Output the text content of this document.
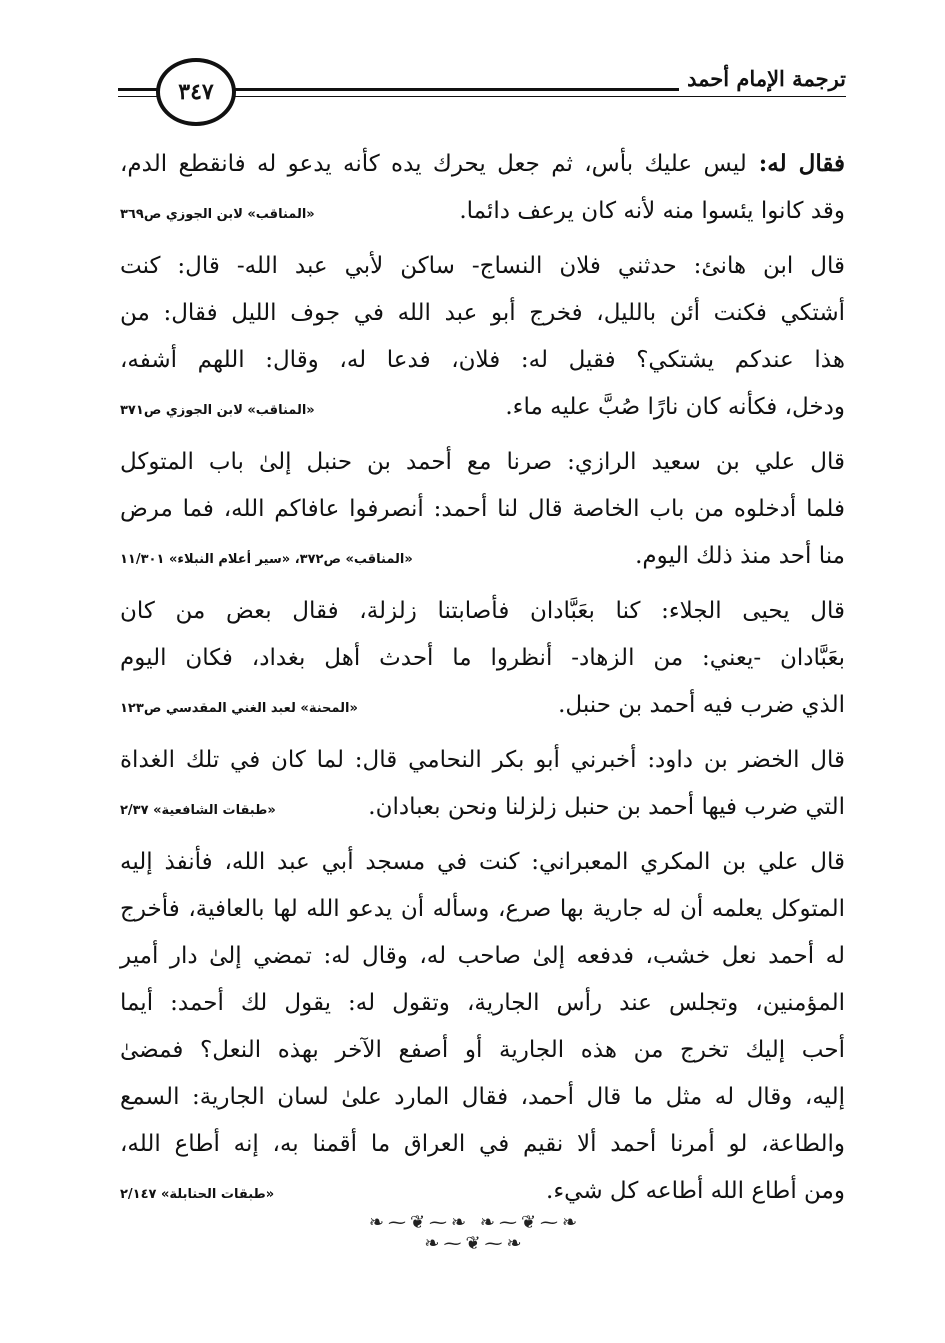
ترجمة الإمام أحمد
٣٤٧
فقال له: ليس عليك بأس، ثم جعل يحرك يده كأنه يدعو له فانقطع الدم،
وقد كانوا يئسوا منه لأنه كان يرعف دائما.
«المناقب» لابن الجوزي ص٣٦٩
قال ابن هانئ: حدثني فلان النساج- ساكن لأبي عبد الله- قال: كنت
أشتكي فكنت أئن بالليل، فخرج أبو عبد الله في جوف الليل فقال: من
هذا عندكم يشتكي؟ فقيل له: فلان، فدعا له، وقال: اللهم أشفه،
ودخل، فكأنه كان نارًا صُبَّ عليه ماء.
«المناقب» لابن الجوزي ص٣٧١
قال علي بن سعيد الرازي: صرنا مع أحمد بن حنبل إلىٰ باب المتوكل
فلما أدخلوه من باب الخاصة قال لنا أحمد: أنصرفوا عافاكم الله، فما مرض
منا أحد منذ ذلك اليوم.
«المناقب» ص٣٧٢، «سير أعلام النبلاء» ١١/٣٠١
قال يحيى الجلاء: كنا بعَبَّادان فأصابتنا زلزلة، فقال بعض من كان
بعَبَّادان -يعني: من الزهاد- أنظروا ما أحدث أهل بغداد، فكان اليوم
الذي ضرب فيه أحمد بن حنبل.
«المحنة» لعبد الغني المقدسي ص١٢٣
قال الخضر بن داود: أخبرني أبو بكر النحامي قال: لما كان في تلك الغداة
التي ضرب فيها أحمد بن حنبل زلزلنا ونحن بعبادان.
«طبقات الشافعية» ٢/٣٧
قال علي بن المكري المعبراني: كنت في مسجد أبي عبد الله، فأنفذ إليه
المتوكل يعلمه أن له جارية بها صرع، وسأله أن يدعو الله لها بالعافية، فأخرج
له أحمد نعل خشب، فدفعه إلىٰ صاحب له، وقال له: تمضي إلىٰ دار أمير
المؤمنين، وتجلس عند رأس الجارية، وتقول له: يقول لك أحمد: أيما
أحب إليك تخرج من هذه الجارية أو أصفع الآخر بهذه النعل؟ فمضىٰ
إليه، وقال له مثل ما قال أحمد، فقال المارد علىٰ لسان الجارية: السمع
والطاعة، لو أمرنا أحمد ألا نقيم في العراق ما أقمنا به، إنه أطاع الله،
ومن أطاع الله أطاعه كل شيء.
«طبقات الحنابلة» ٢/١٤٧
❧⁓❦⁓❧ ❧⁓❦⁓❧ ❧⁓❦⁓❧
